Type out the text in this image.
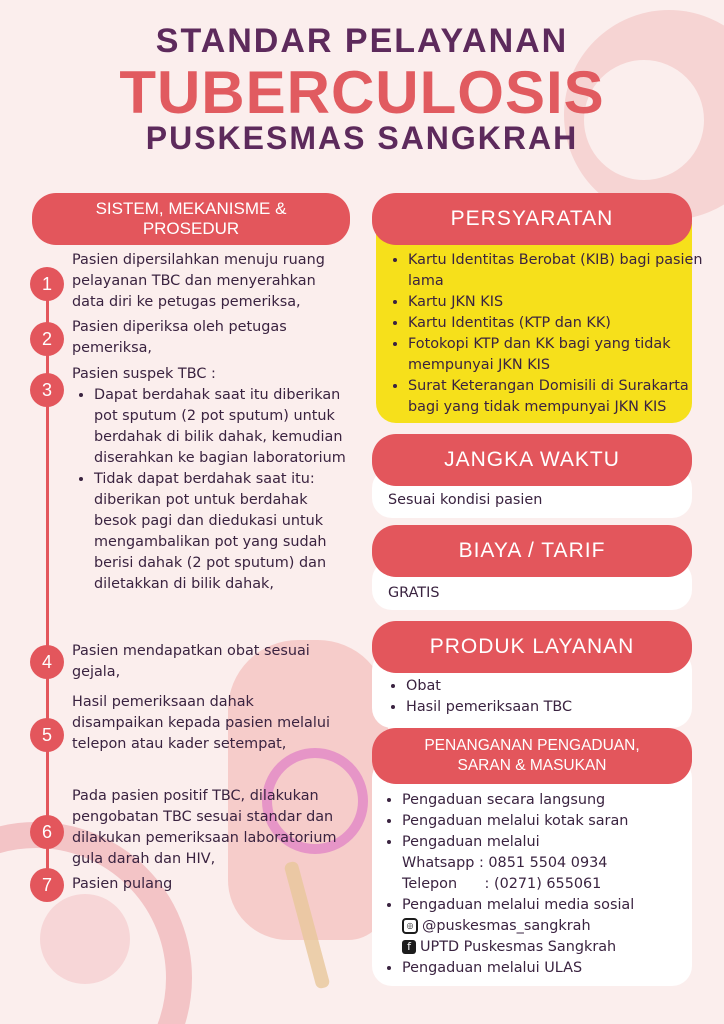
STANDAR PELAYANAN
TUBERCULOSIS
PUSKESMAS SANGKRAH
SISTEM, MEKANISME &
PROSEDUR
1
Pasien dipersilahkan menuju ruang pelayanan TBC dan menyerahkan data diri ke petugas pemeriksa,
2
Pasien diperiksa oleh petugas pemeriksa,
3
Pasien suspek TBC :
• Dapat berdahak saat itu diberikan pot sputum (2 pot sputum) untuk berdahak di bilik dahak, kemudian diserahkan ke bagian laboratorium
• Tidak dapat berdahak saat itu: diberikan pot untuk berdahak besok pagi dan diedukasi untuk mengambalikan pot yang sudah berisi dahak (2 pot sputum) dan diletakkan di bilik dahak,
4
Pasien mendapatkan obat sesuai gejala,
5
Hasil pemeriksaan dahak disampaikan kepada pasien melalui telepon atau kader setempat,
6
Pada pasien positif TBC, dilakukan pengobatan TBC sesuai standar dan dilakukan pemeriksaan laboratorium gula darah dan HIV,
7	Pasien pulang
PERSYARATAN
• Kartu Identitas Berobat (KIB) bagi pasien lama
• Kartu JKN KIS
• Kartu Identitas (KTP dan KK)
• Fotokopi KTP dan KK bagi yang tidak mempunyai JKN KIS
• Surat Keterangan Domisili di Surakarta bagi yang tidak mempunyai JKN KIS
JANGKA WAKTU
Sesuai kondisi pasien
BIAYA / TARIF
GRATIS
PRODUK LAYANAN
• Obat
• Hasil pemeriksaan TBC
PENANGANAN PENGADUAN,
SARAN & MASUKAN
• Pengaduan secara langsung
• Pengaduan melalui kotak saran
• Pengaduan melalui
Whatsapp : 0851 5504 0934
Telepon      : (0271) 655061
• Pengaduan melalui media sosial
◎ @puskesmas_sangkrah
f UPTD Puskesmas Sangkrah
• Pengaduan melalui ULAS
